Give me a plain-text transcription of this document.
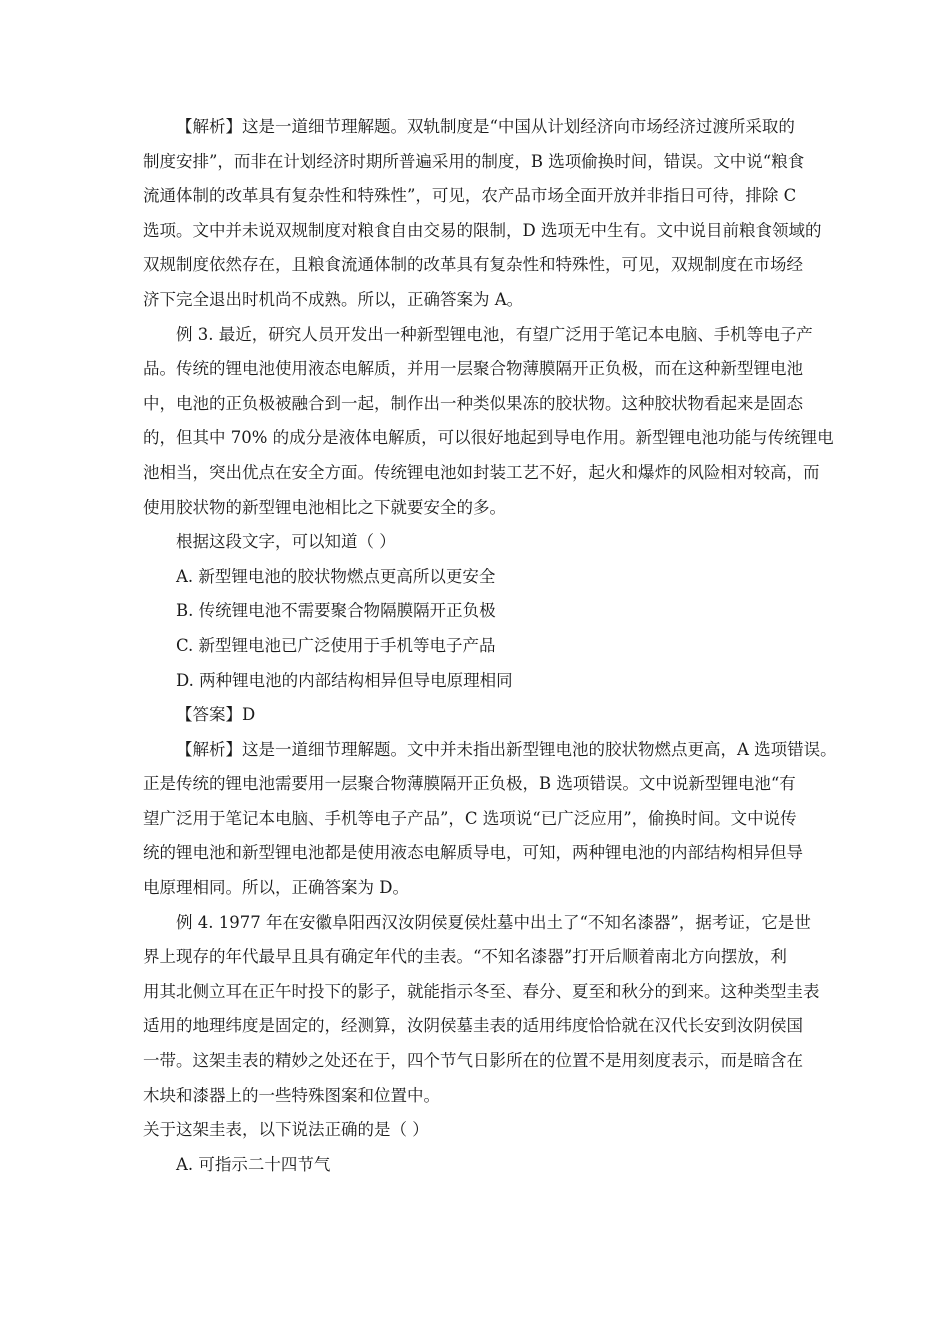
【解析】这是一道细节理解题。双轨制度是“中国从计划经济向市场经济过渡所采取的
制度安排”，而非在计划经济时期所普遍采用的制度，B 选项偷换时间，错误。文中说“粮食
流通体制的改革具有复杂性和特殊性”，可见，农产品市场全面开放并非指日可待，排除 C
选项。文中并未说双规制度对粮食自由交易的限制，D 选项无中生有。文中说目前粮食领域的
双规制度依然存在，且粮食流通体制的改革具有复杂性和特殊性，可见，双规制度在市场经
济下完全退出时机尚不成熟。所以，正确答案为 A。
例 3. 最近，研究人员开发出一种新型锂电池，有望广泛用于笔记本电脑、手机等电子产
品。传统的锂电池使用液态电解质，并用一层聚合物薄膜隔开正负极，而在这种新型锂电池
中，电池的正负极被融合到一起，制作出一种类似果冻的胶状物。这种胶状物看起来是固态
的，但其中 70% 的成分是液体电解质，可以很好地起到导电作用。新型锂电池功能与传统锂电
池相当，突出优点在安全方面。传统锂电池如封装工艺不好，起火和爆炸的风险相对较高，而
使用胶状物的新型锂电池相比之下就要安全的多。
根据这段文字，可以知道（ ）
A. 新型锂电池的胶状物燃点更高所以更安全
B. 传统锂电池不需要聚合物隔膜隔开正负极
C. 新型锂电池已广泛使用于手机等电子产品
D. 两种锂电池的内部结构相异但导电原理相同
【答案】D
【解析】这是一道细节理解题。文中并未指出新型锂电池的胶状物燃点更高，A 选项错误。
正是传统的锂电池需要用一层聚合物薄膜隔开正负极，B 选项错误。文中说新型锂电池“有
望广泛用于笔记本电脑、手机等电子产品”，C 选项说“已广泛应用”，偷换时间。文中说传
统的锂电池和新型锂电池都是使用液态电解质导电，可知，两种锂电池的内部结构相异但导
电原理相同。所以，正确答案为 D。
例 4. 1977 年在安徽阜阳西汉汝阴侯夏侯灶墓中出土了“不知名漆器”，据考证，它是世
界上现存的年代最早且具有确定年代的圭表。“不知名漆器”打开后顺着南北方向摆放，利
用其北侧立耳在正午时投下的影子，就能指示冬至、春分、夏至和秋分的到来。这种类型圭表
适用的地理纬度是固定的，经测算，汝阴侯墓圭表的适用纬度恰恰就在汉代长安到汝阴侯国
一带。这架圭表的精妙之处还在于，四个节气日影所在的位置不是用刻度表示，而是暗含在
木块和漆器上的一些特殊图案和位置中。
关于这架圭表，以下说法正确的是（ ）
A. 可指示二十四节气
